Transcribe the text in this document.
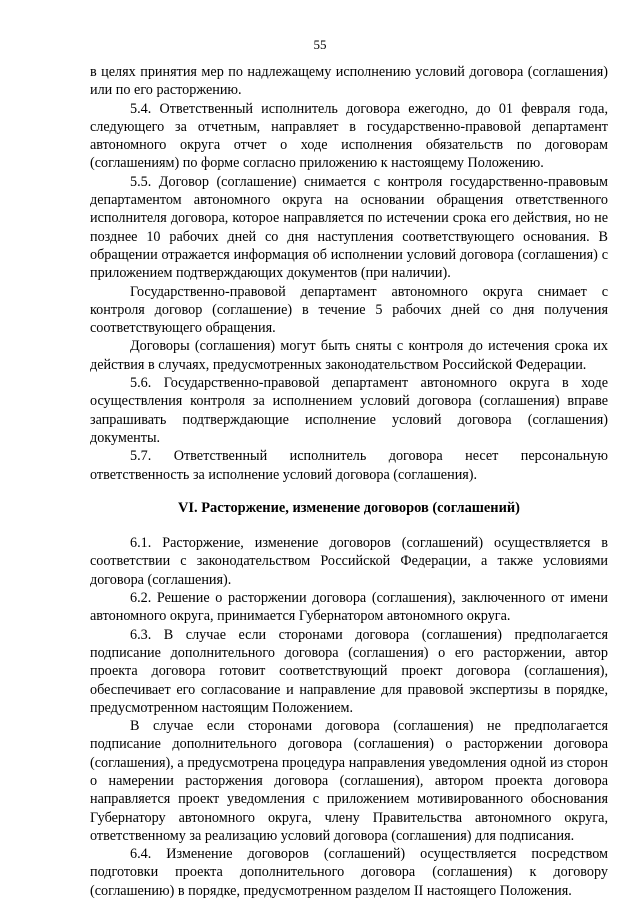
55

в целях принятия мер по надлежащему исполнению условий договора (соглашения) или по его расторжению.

5.4. Ответственный исполнитель договора ежегодно, до 01 февраля года, следующего за отчетным, направляет в государственно-правовой департамент автономного округа отчет о ходе исполнения обязательств по договорам (соглашениям) по форме согласно приложению к настоящему Положению.

5.5. Договор (соглашение) снимается с контроля государственно-правовым департаментом автономного округа на основании обращения ответственного исполнителя договора, которое направляется по истечении срока его действия, но не позднее 10 рабочих дней со дня наступления соответствующего основания. В обращении отражается информация об исполнении условий договора (соглашения) с приложением подтверждающих документов (при наличии).

Государственно-правовой департамент автономного округа снимает с контроля договор (соглашение) в течение 5 рабочих дней со дня получения соответствующего обращения.

Договоры (соглашения) могут быть сняты с контроля до истечения срока их действия в случаях, предусмотренных законодательством Российской Федерации.

5.6. Государственно-правовой департамент автономного округа в ходе осуществления контроля за исполнением условий договора (соглашения) вправе запрашивать подтверждающие исполнение условий договора (соглашения) документы.

5.7. Ответственный исполнитель договора несет персональную ответственность за исполнение условий договора (соглашения).

VI. Расторжение, изменение договоров (соглашений)

6.1. Расторжение, изменение договоров (соглашений) осуществляется в соответствии с законодательством Российской Федерации, а также условиями договора (соглашения).

6.2. Решение о расторжении договора (соглашения), заключенного от имени автономного округа, принимается Губернатором автономного округа.

6.3. В случае если сторонами договора (соглашения) предполагается подписание дополнительного договора (соглашения) о его расторжении, автор проекта договора готовит соответствующий проект договора (соглашения), обеспечивает его согласование и направление для правовой экспертизы в порядке, предусмотренном настоящим Положением.

В случае если сторонами договора (соглашения) не предполагается подписание дополнительного договора (соглашения) о расторжении договора (соглашения), а предусмотрена процедура направления уведомления одной из сторон о намерении расторжения договора (соглашения), автором проекта договора направляется проект уведомления с приложением мотивированного обоснования Губернатору автономного округа, члену Правительства автономного округа, ответственному за реализацию условий договора (соглашения) для подписания.

6.4. Изменение договоров (соглашений) осуществляется посредством подготовки проекта дополнительного договора (соглашения) к договору (соглашению) в порядке, предусмотренном разделом II настоящего Положения.
